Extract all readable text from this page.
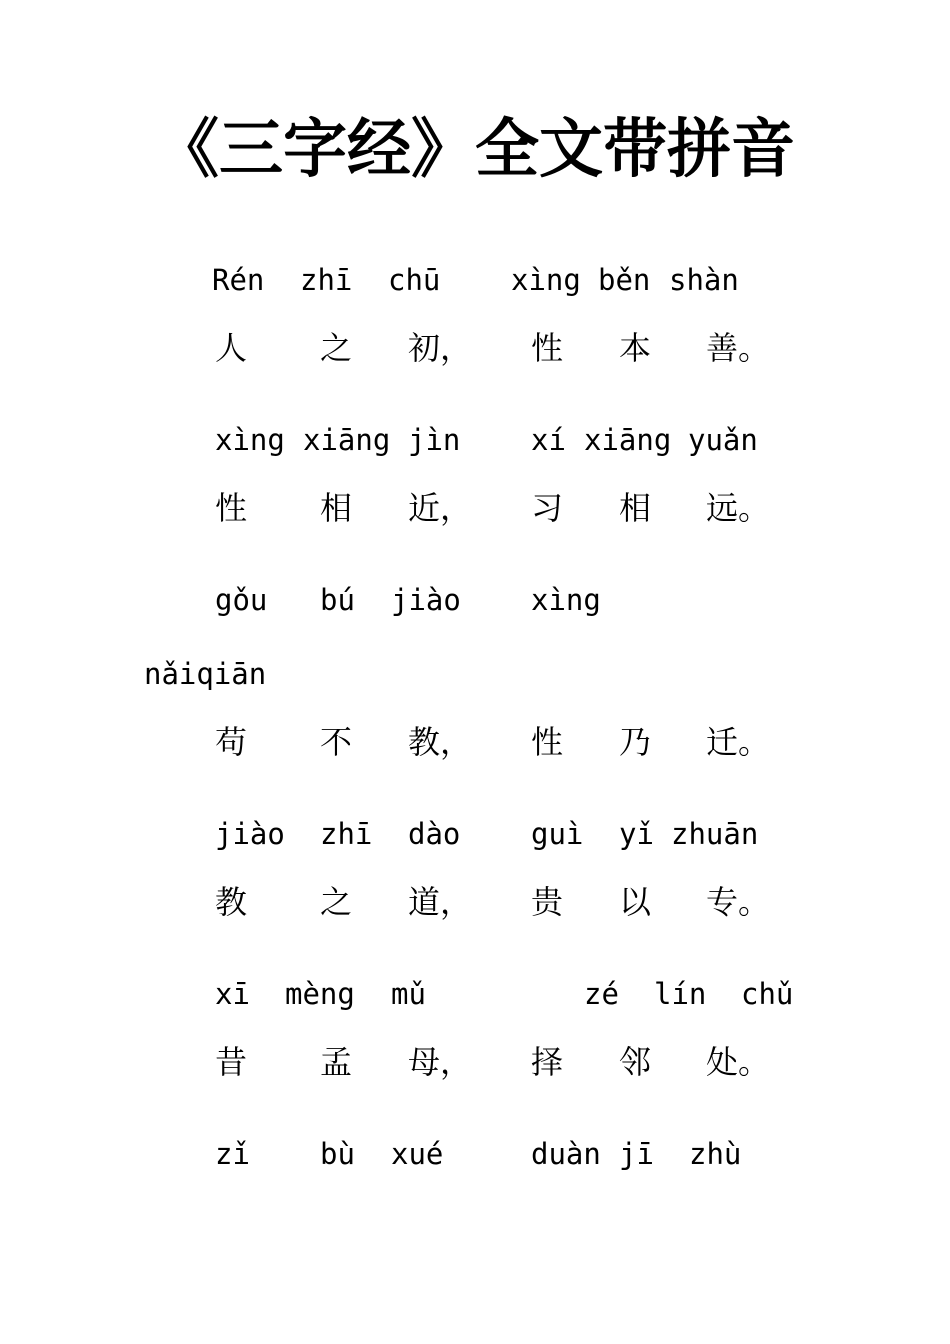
《三字经》全文带拼音
Rén zhī chū xìng běn shàn
人 之 初， 性 本 善。
xìng xiāng jìn xí xiāng yuǎn
性 相 近， 习 相 远。
gǒu bú jiào xìng
nǎiqiān
苟 不 教， 性 乃 迁。
jiào zhī dào guì yǐ zhuān
教 之 道， 贵 以 专。
xī mèng mǔ	zé lín chǔ
昔 孟 母， 择 邻 处。
zǐ bù xué	duàn jī zhù
